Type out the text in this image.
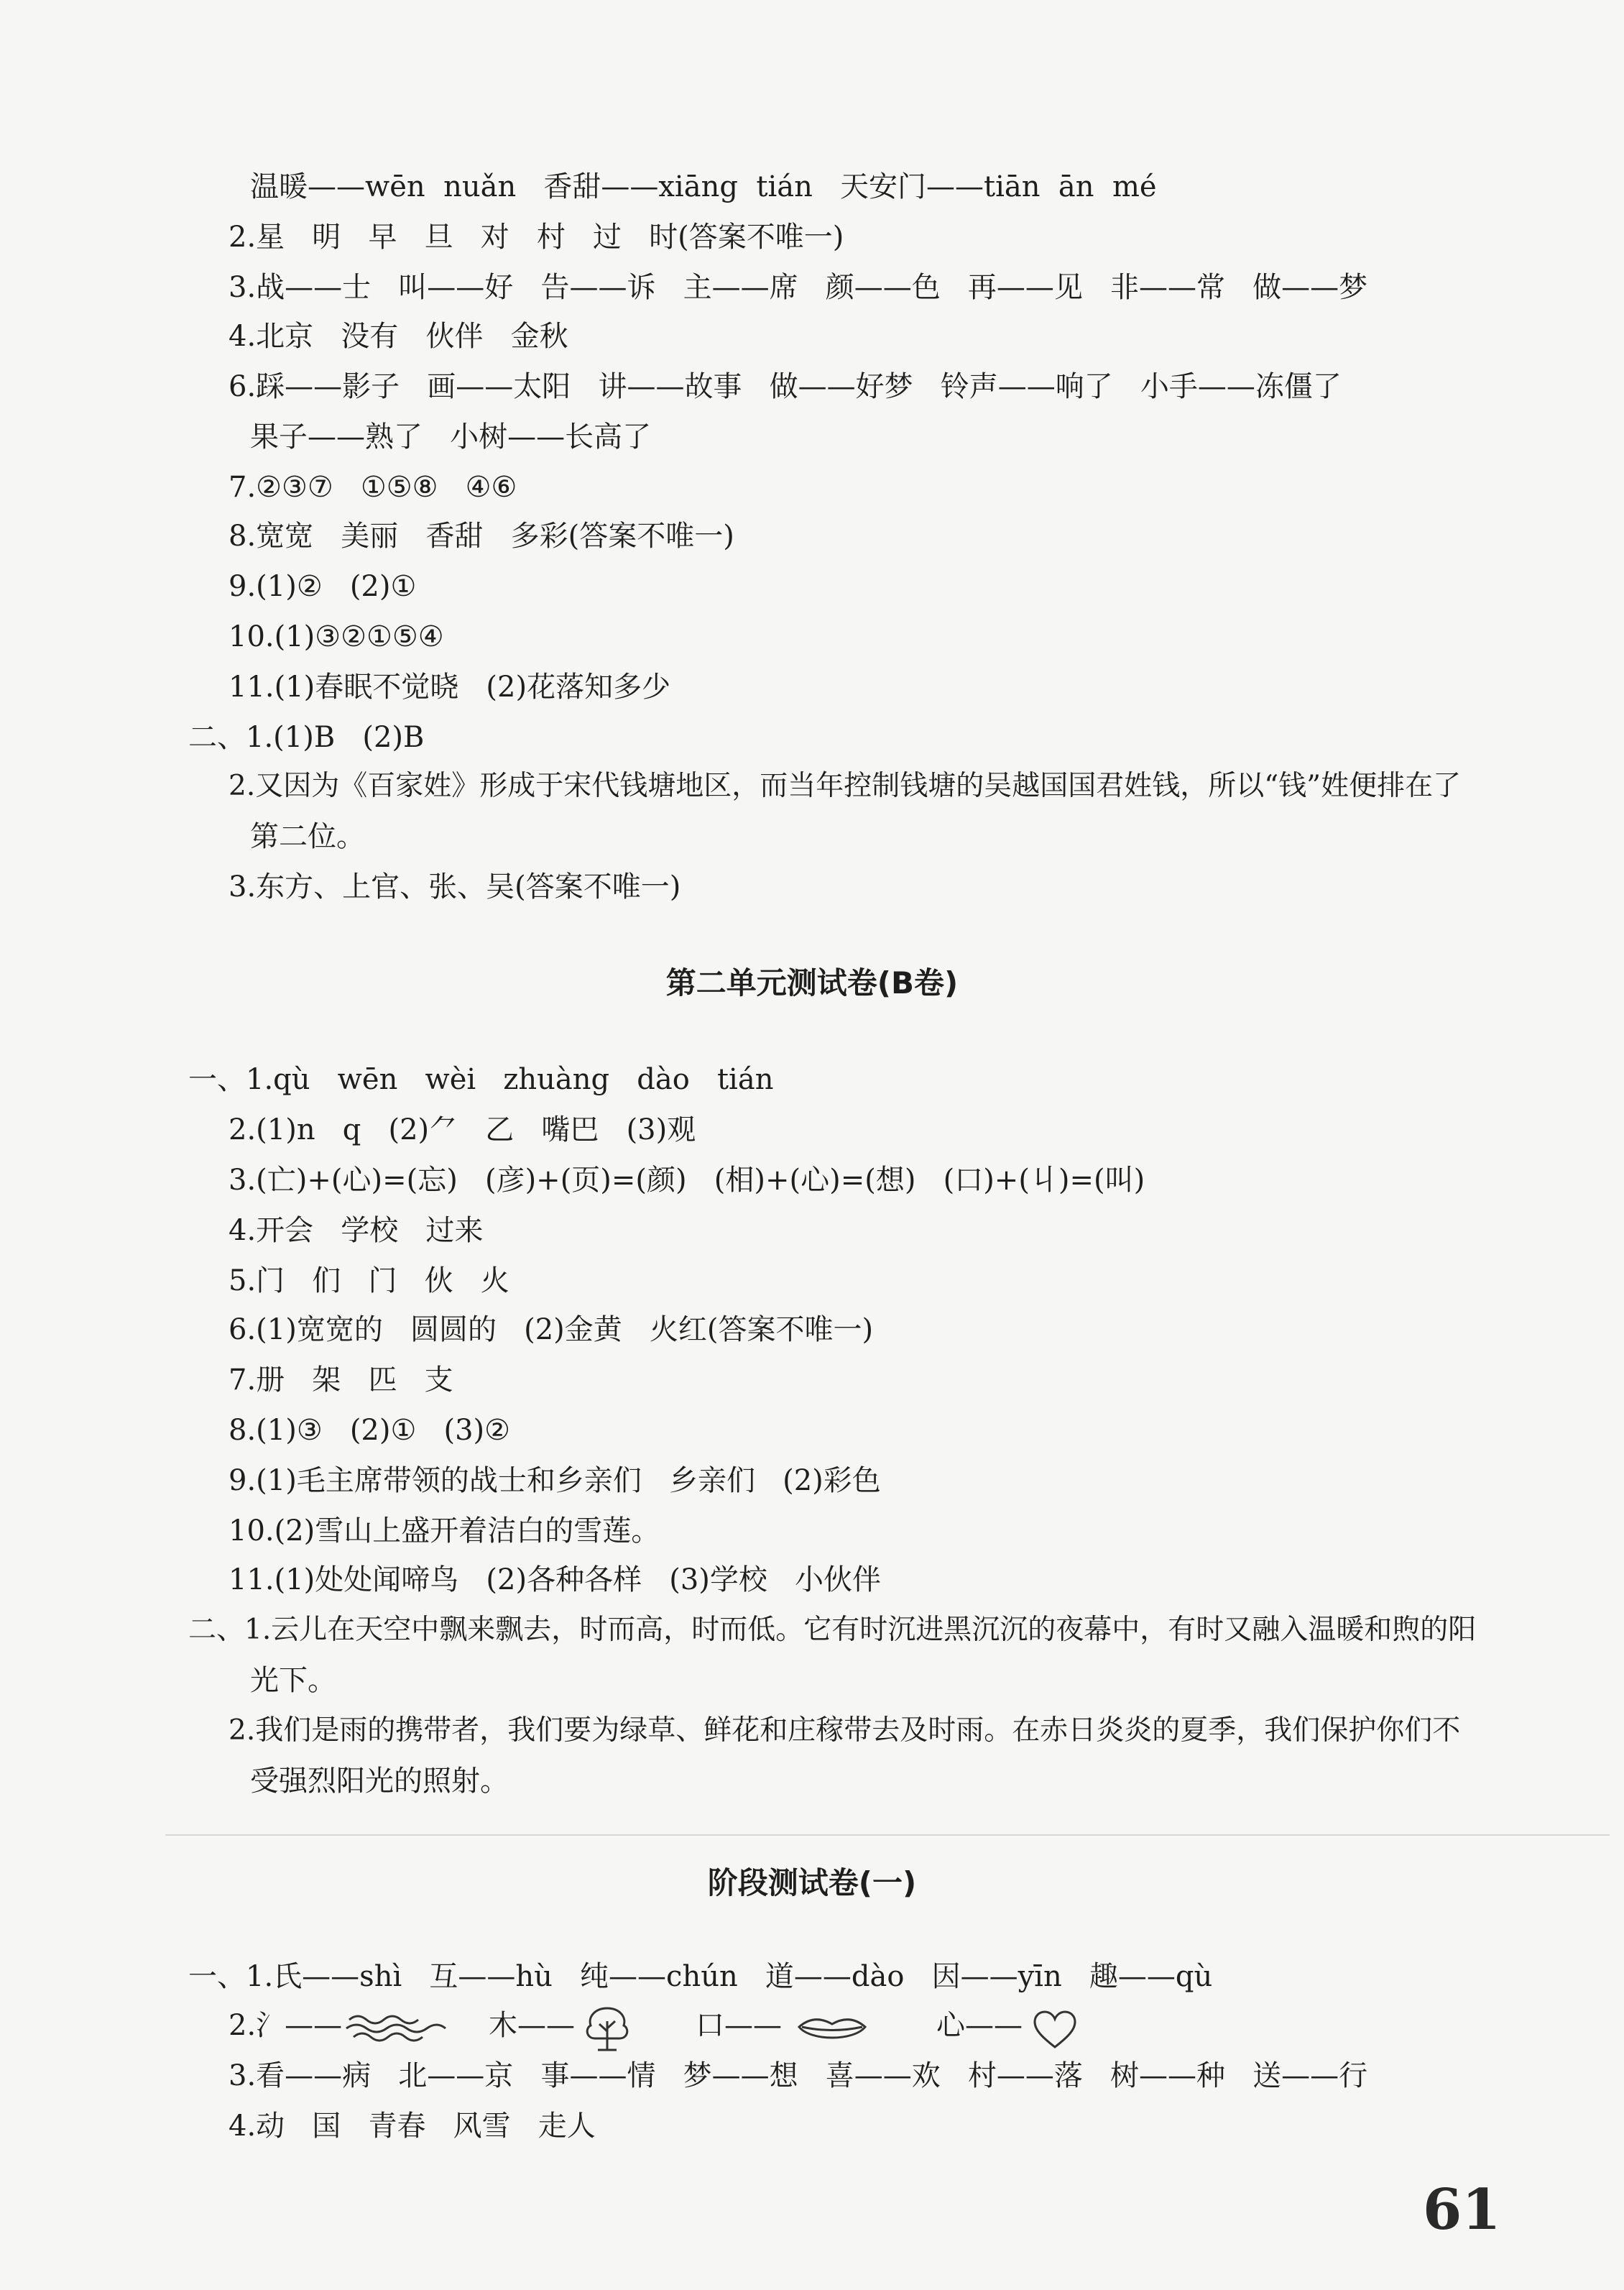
温暖——wēn  nuǎn   香甜——xiāng  tián   天安门——tiān  ān  mé
2.星   明   早   旦   对   村   过   时(答案不唯一)
3.战——士   叫——好   告——诉   主——席   颜——色   再——见   非——常   做——梦
4.北京   没有   伙伴   金秋
6.踩——影子   画——太阳   讲——故事   做——好梦   铃声——响了   小手——冻僵了
果子——熟了   小树——长高了
7.②③⑦   ①⑤⑧   ④⑥
8.宽宽   美丽   香甜   多彩(答案不唯一)
9.(1)②   (2)①
10.(1)③②①⑤④
11.(1)春眠不觉晓   (2)花落知多少
二、1.(1)B   (2)B
2.又因为《百家姓》形成于宋代钱塘地区，而当年控制钱塘的吴越国国君姓钱，所以“钱”姓便排在了
第二位。
3.东方、上官、张、吴(答案不唯一)
第二单元测试卷(B卷)
一、1.qù   wēn   wèi   zhuàng   dào   tián
2.(1)n   q   (2)⺈   乙   嘴巴   (3)观
3.(亡)+(心)=(忘)   (彦)+(页)=(颜)   (相)+(心)=(想)   (口)+(丩)=(叫)
4.开会   学校   过来
5.门   们   门   伙   火
6.(1)宽宽的   圆圆的   (2)金黄   火红(答案不唯一)
7.册   架   匹   支
8.(1)③   (2)①   (3)②
9.(1)毛主席带领的战士和乡亲们   乡亲们   (2)彩色
10.(2)雪山上盛开着洁白的雪莲。
11.(1)处处闻啼鸟   (2)各种各样   (3)学校   小伙伴
二、1.云儿在天空中飘来飘去，时而高，时而低。它有时沉进黑沉沉的夜幕中，有时又融入温暖和煦的阳
光下。
2.我们是雨的携带者，我们要为绿草、鲜花和庄稼带去及时雨。在赤日炎炎的夏季，我们保护你们不
受强烈阳光的照射。
阶段测试卷(一)
一、1.氏——shì   互——hù   纯——chún   道——dào   因——yīn   趣——qù
2.氵——	木——	口——	心——
3.看——病   北——京   事——情   梦——想   喜——欢   村——落   树——种   送——行
4.动   国   青春   风雪   走人
61
